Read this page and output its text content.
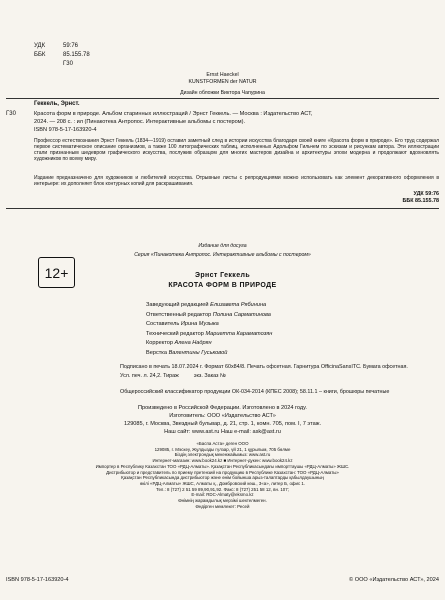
УДК	59:76
ББК	85.155.78
Г30
Ernst Haeckel
KUNSTFORMEN der NATUR
Дизайн обложки Виктора Чапурина
Геккель, Эрнст.
Г30	Красота форм в природе. Альбом старинных иллюстраций / Эрнст Геккель. — Москва : Издательство АСТ,
2024. — 208 с. : ил (Пинакотека Антропос. Интерактивные альбомы с постером).
ISBN 978-5-17-163920-4
Профессор естествознания Эрнст Геккель (1834—1919) оставил заметный след в истории искусства благодаря своей книге «Красота форм в природе». Его труд содержал первое систематическое описание организмов, а также 100 литографических таблиц, исполненных Адольфом Гильчем по эскизам и рисункам автора. Эти иллюстрации стали признанным шедевром графического искусства, послужив образцом для многих мастеров дизайна и архитектуры эпохи модерна и продолжают вдохновлять художников по всему миру.
Издание предназначено для художников и любителей искусства. Отрывные листы с репродукциями можно использовать как элемент декоративного оформления в интерьере: их дополняет блок контурных копий для раскрашивания.
УДК 59:76
ББК 85.155.78
Издание для досуга
Серия «Пинакотека Антропос. Интерактивные альбомы с постером»
12+	Эрнст Геккель
КРАСОТА ФОРМ В ПРИРОДЕ
Заведующий редакцией Елизавета Рябинина
Ответственный редактор Полина Сарматинова
Составитель Ирина Музыка
Технический редактор Мариетта Караматозян
Корректор Алена Надрян
Верстка Валентины Гуськовой
Подписано в печать 18.07.2024 г. Формат 60x84/8. Печать офсетная. Гарнитура OfficinaSansITC. Бумага офсетная.
Усл. печ. л. 24,2. Тираж          экз. Заказ №
Общероссийский классификатор продукции ОК-034-2014 (КПЕС 2008); 58.11.1 – книги, брошюры печатные
Произведено в Российской Федерации. Изготовлено в 2024 году.
Изготовитель: ООО «Издательство АСТ»
129085, г. Москва, Звездный бульвар, д. 21, стр. 1, комн. 705, пом. I, 7 этаж.
Наш сайт: www.ast.ru Наш e-mail: ask@ast.ru
«Баспа Аста» деген ООО
129085, г. Мәскеу, Жұлдызды гүлзар, үй 21, 1 құрылым, 705 бөлме
Біздің электрондық мекенжайымыз: www.ast.ru
Интернет-магазин: www.book24.kz ■ Интернет-дүкен: www.book24.kz
Импортер в Республику Казахстан ТОО «РДЦ-Алматы». Қазақстан Республикасындағы импорттаушы «РДЦ-Алматы» ЖШС.
Дистрибьютор и представитель по приему претензий на продукцию в Республике Казахстан: ТОО «РДЦ-Алматы»
Қазақстан Республикасында дистрибьютор және өнім бойынша арыз-талаптарды қабылдаушының
өкілі «РДЦ-Алматы» ЖШС, Алматы қ., Домбровский көш., 3«а», литер Б, офис 1.
Тел.: 8 (727) 2 51 59 89,90,91,92. Факс: 8 (727) 251 58 12, вн. 107;
E-mail: RDC-Almaty@eksmo.kz
Өнімнің жарамдылық мерзімі шектелмеген.
Өндірген мемлекет: Ресей
ISBN 978-5-17-163920-4	© ООО «Издательство АСТ», 2024
